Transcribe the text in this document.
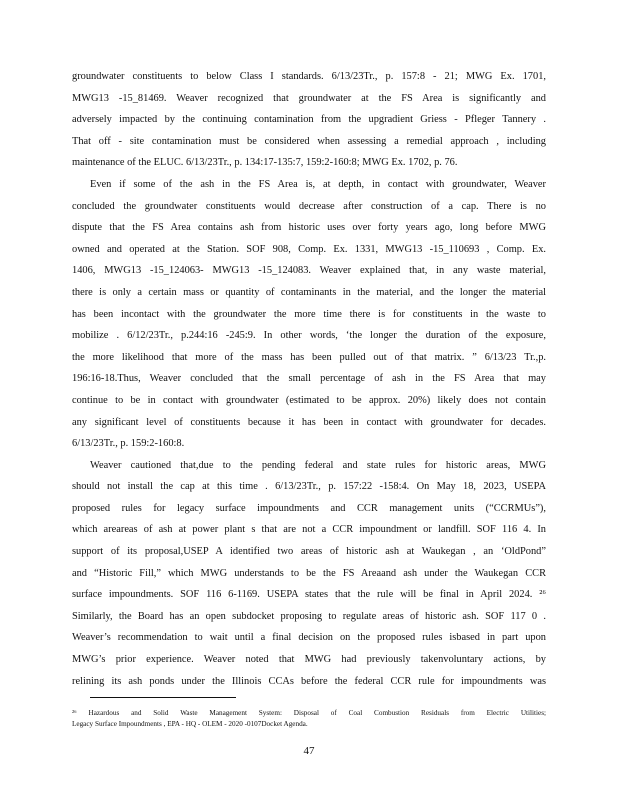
groundwater constituents to below Class I standards. 6/13/23Tr., p. 157:8 - 21; MWG Ex. 1701,
MWG13 -15_81469. Weaver recognized that groundwater at the FS Area is significantly and
adversely impacted by the continuing contamination from the upgradient Griess - Pfleger Tannery .
That off - site contamination must be considered when assessing a remedial approach , including
maintenance of the ELUC. 6/13/23Tr., p. 134:17-135:7, 159:2-160:8; MWG Ex. 1702, p. 76.
Even if some of the ash in the FS Area is, at depth, in contact with groundwater, Weaver
concluded the groundwater constituents would decrease after construction of a cap. There is no
dispute that the FS Area contains ash from historic uses over forty years ago, long before MWG
owned and operated at the Station. SOF 908, Comp. Ex. 1331, MWG13 -15_110693 , Comp. Ex.
1406, MWG13 -15_124063- MWG13 -15_124083. Weaver explained that, in any waste material,
there is only a certain mass or quantity of contaminants in the material, and the longer the material
has been incontact with the groundwater the more time there is for constituents in the waste to
mobilize . 6/12/23Tr., p.244:16 -245:9. In other words, ‘the longer the duration of the exposure,
the more likelihood that more of the mass has been pulled out of that matrix. ” 6/13/23 Tr.,p.
196:16-18.Thus, Weaver concluded that the small percentage of ash in the FS Area that may
continue to be in contact with groundwater (estimated to be approx. 20%) likely does not contain
any significant level of constituents because it has been in contact with groundwater for decades.
6/13/23Tr., p. 159:2-160:8.
Weaver cautioned that,due to the pending federal and state rules for historic areas, MWG
should not install the cap at this time . 6/13/23Tr., p. 157:22 -158:4. On May 18, 2023, USEPA
proposed rules for legacy surface impoundments and CCR management units (“CCRMUs”),
which areareas of ash at power plant s that are not a CCR impoundment or landfill. SOF 116 4. In
support of its proposal,USEP A identified two areas of historic ash at Waukegan , an ‘OldPond”
and “Historic Fill,” which MWG understands to be the FS Areaand ash under the Waukegan CCR
surface impoundments. SOF 116 6-1169. USEPA states that the rule will be final in April 2024. ²⁶
Similarly, the Board has an open subdocket proposing to regulate areas of historic ash. SOF 117 0 .
Weaver’s recommendation to wait until a final decision on the proposed rules isbased in part upon
MWG’s prior experience. Weaver noted that MWG had previously takenvoluntary actions, by
relining its ash ponds under the Illinois CCAs before the federal CCR rule for impoundments was
²⁶ Hazardous and Solid Waste Management System: Disposal of Coal Combustion Residuals from Electric Utilities;
Legacy Surface Impoundments , EPA - HQ - OLEM - 2020 -0107Docket Agenda.
47
